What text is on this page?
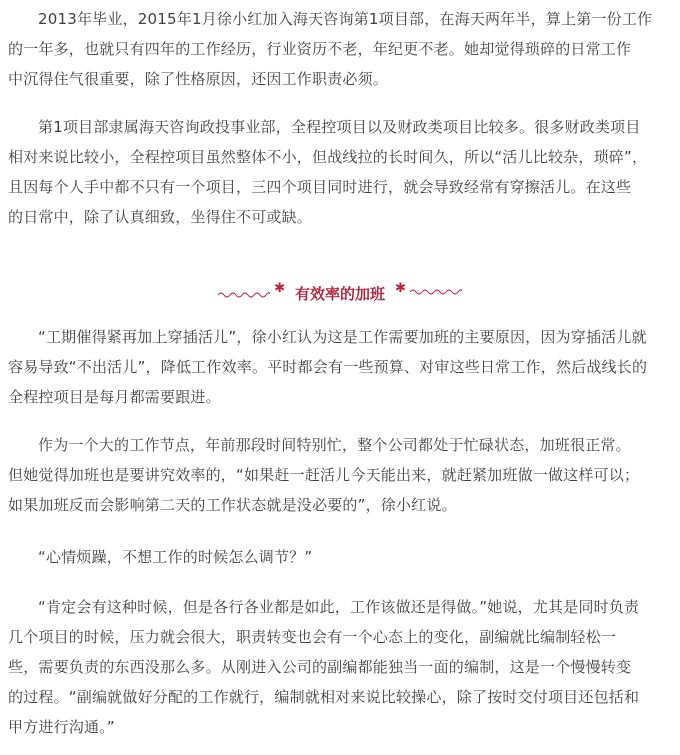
2013年毕业，2015年1月徐小红加入海天咨询第1项目部，在海天两年半，算上第一份工作
的一年多，也就只有四年的工作经历，行业资历不老，年纪更不老。她却觉得琐碎的日常工作
中沉得住气很重要，除了性格原因，还因工作职责必须。

第1项目部隶属海天咨询政投事业部，全程控项目以及财政类项目比较多。很多财政类项目
相对来说比较小，全程控项目虽然整体不小，但战线拉的长时间久，所以“活儿比较杂，琐碎”，
且因每个人手中都不只有一个项目，三四个项目同时进行，就会导致经常有穿擦活儿。在这些
的日常中，除了认真细致，坐得住不可或缺。

✱ 有效率的加班 ✱

“工期催得紧再加上穿插活儿”，徐小红认为这是工作需要加班的主要原因，因为穿插活儿就
容易导致“不出活儿”，降低工作效率。平时都会有一些预算、对审这些日常工作，然后战线长的
全程控项目是每月都需要跟进。

作为一个大的工作节点，年前那段时间特别忙，整个公司都处于忙碌状态，加班很正常。
但她觉得加班也是要讲究效率的，“如果赶一赶活儿今天能出来，就赶紧加班做一做这样可以；
如果加班反而会影响第二天的工作状态就是没必要的”，徐小红说。

“心情烦躁，不想工作的时候怎么调节？”

“肯定会有这种时候，但是各行各业都是如此，工作该做还是得做。”她说，尤其是同时负责
几个项目的时候，压力就会很大，职责转变也会有一个心态上的变化，副编就比编制轻松一
些，需要负责的东西没那么多。从刚进入公司的副编都能独当一面的编制，这是一个慢慢转变
的过程。“副编就做好分配的工作就行，编制就相对来说比较操心，除了按时交付项目还包括和
甲方进行沟通。”
